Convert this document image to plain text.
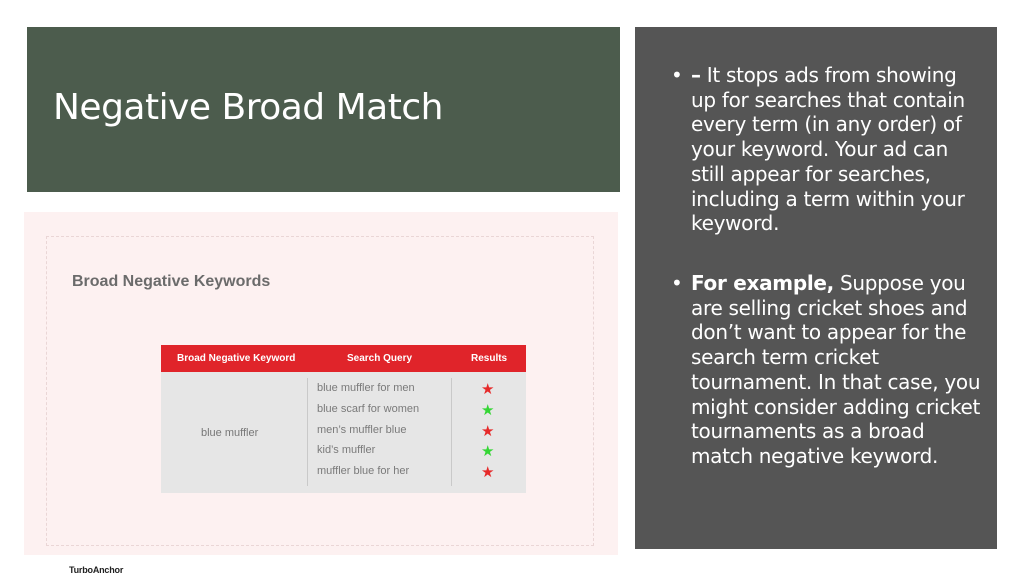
Negative Broad Match
Broad Negative Keywords
Broad Negative Keyword	Search Query	Results
blue muffler
blue muffler for men
blue scarf for women
men’s muffler blue
kid’s muffler
muffler blue for her
★
★
★
★
★
TurboAnchor
• – It stops ads from showing up for searches that contain every term (in any order) of your keyword. Your ad can still appear for searches, including a term within your keyword.
• For example, Suppose you are selling cricket shoes and don’t want to appear for the search term cricket tournament. In that case, you might consider adding cricket tournaments as a broad match negative keyword.
